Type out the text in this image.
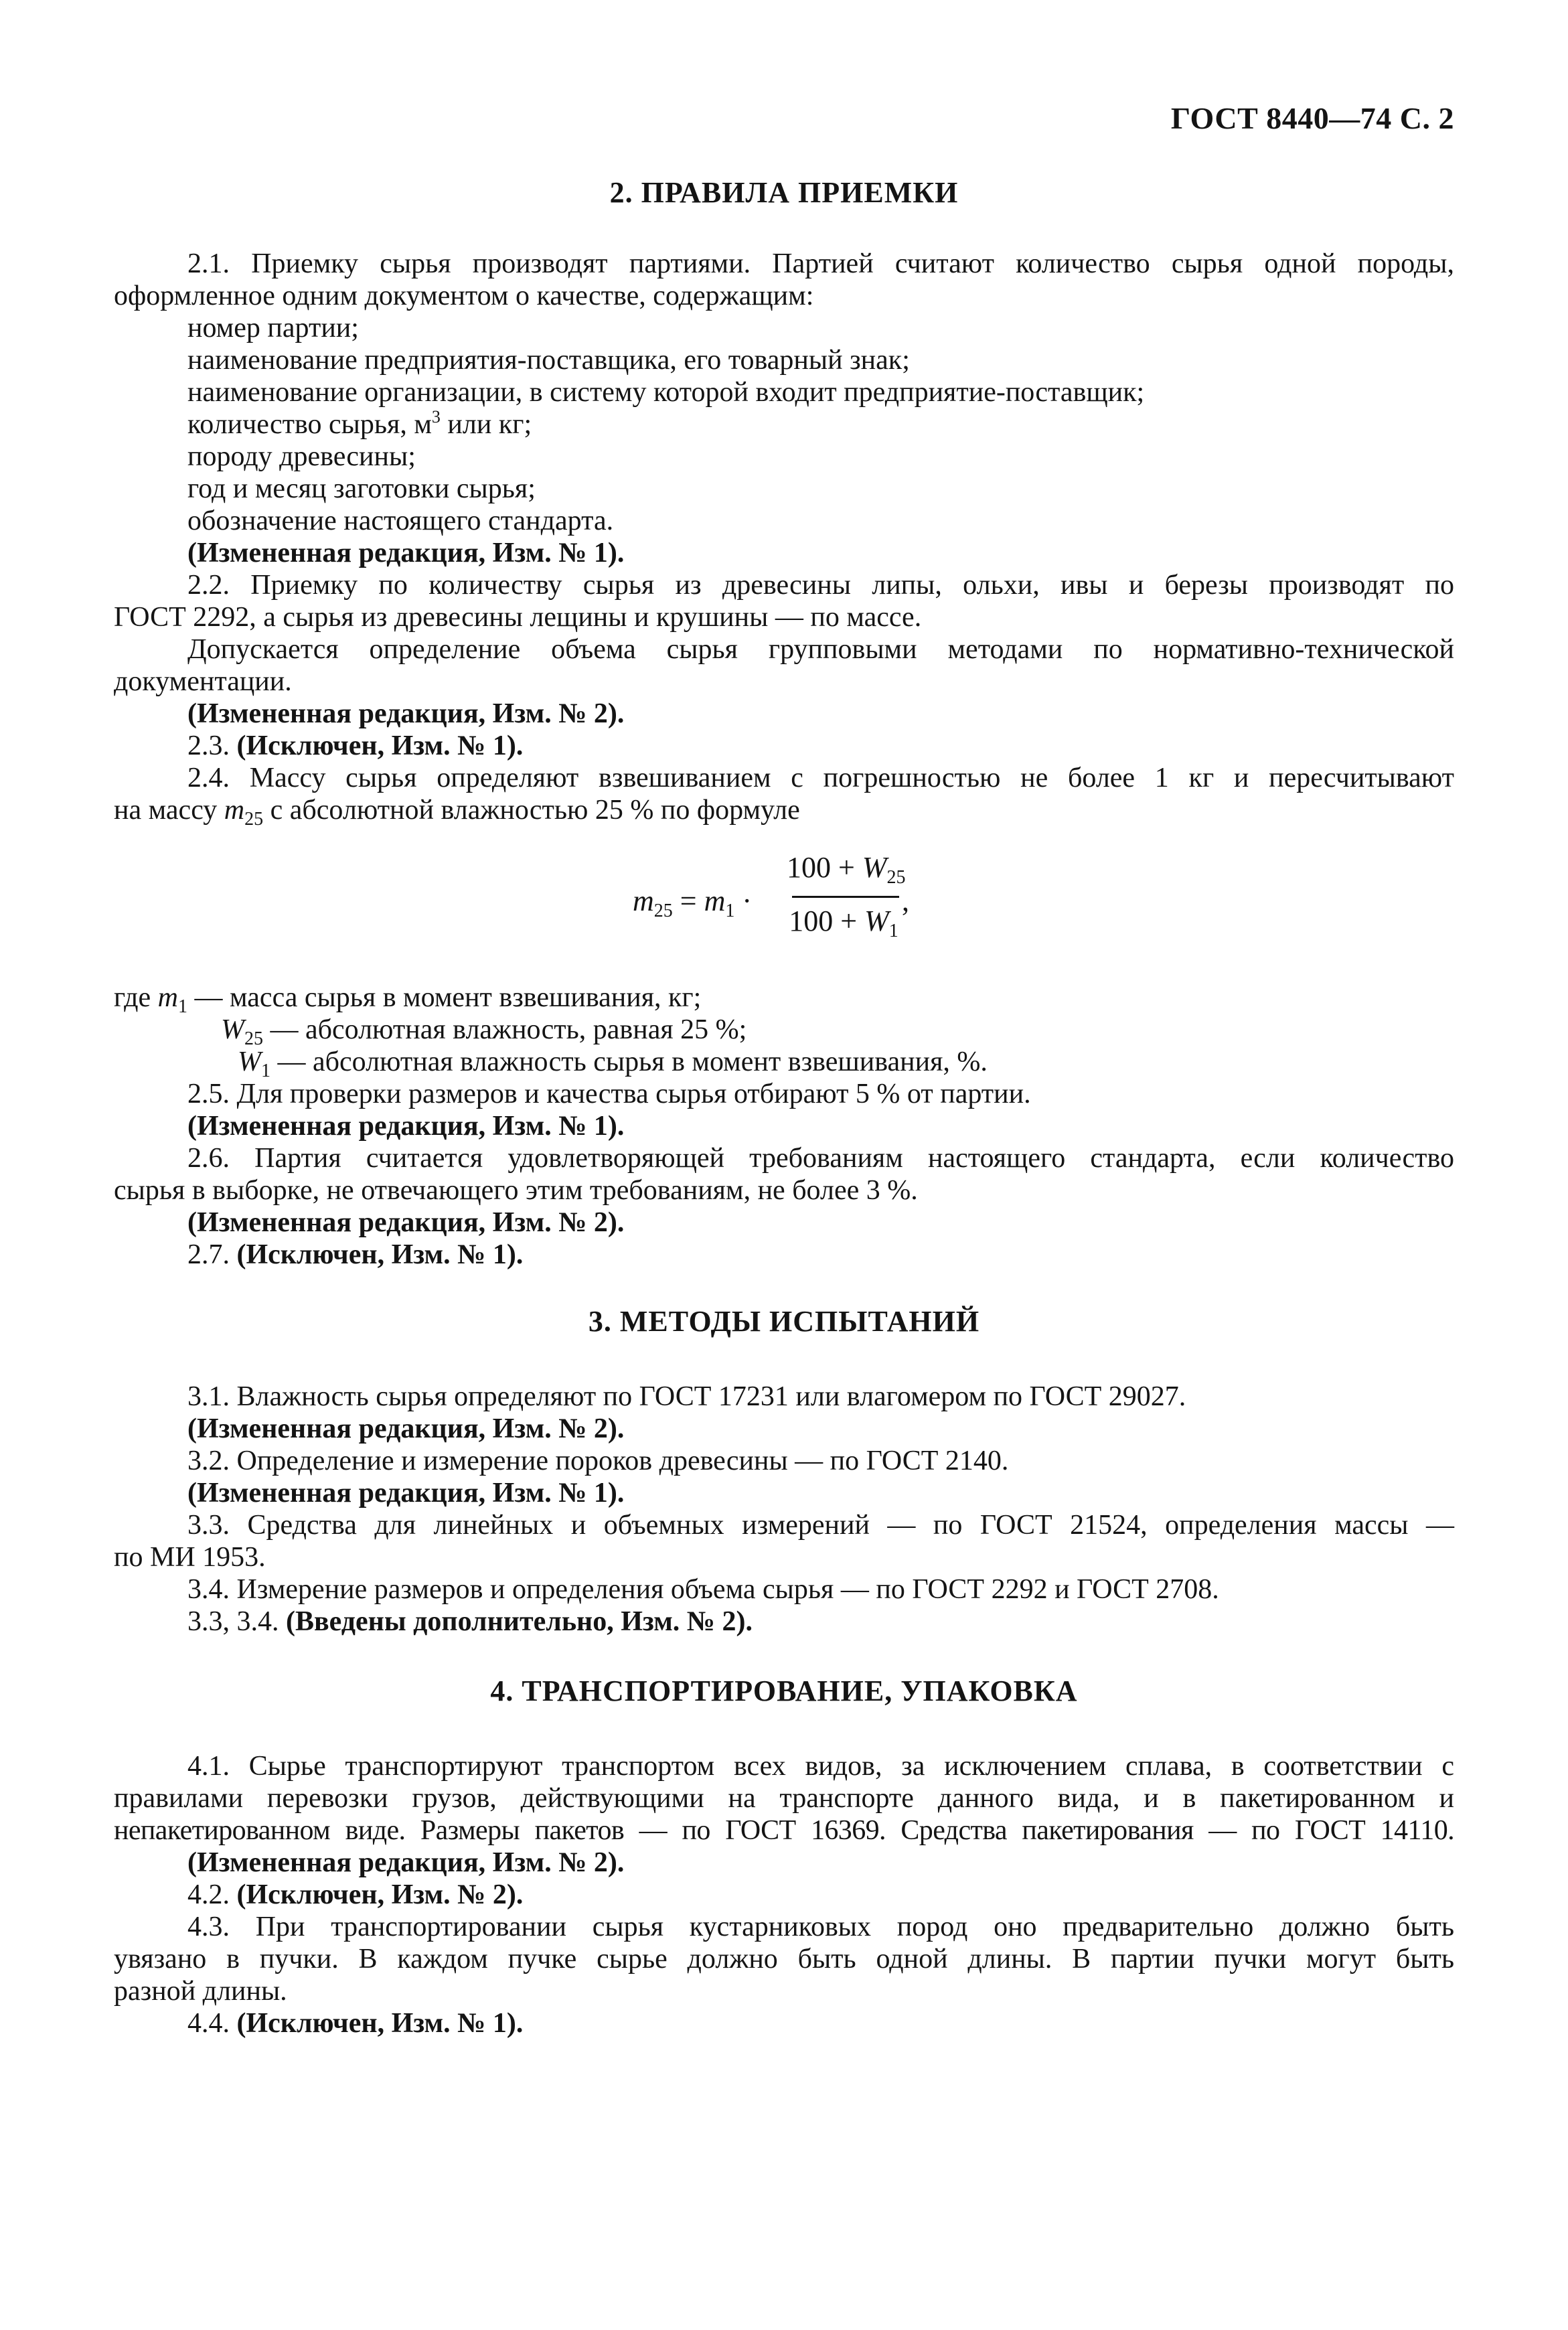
ГОСТ 8440—74 С. 2
2. ПРАВИЛА ПРИЕМКИ
2.1. Приемку сырья производят партиями. Партией считают количество сырья одной породы,
оформленное одним документом о качестве, содержащим:
номер партии;
наименование предприятия-поставщика, его товарный знак;
наименование организации, в систему которой входит предприятие-поставщик;
количество сырья, $м^3$ или кг;
породу древесины;
год и месяц заготовки сырья;
обозначение настоящего стандарта.
(Измененная редакция, Изм. № 1).
2.2. Приемку по количеству сырья из древесины липы, ольхи, ивы и березы производят по
ГОСТ 2292, а сырья из древесины лещины и крушины — по массе.
Допускается определение объема сырья групповыми методами по нормативно-технической
документации.
(Измененная редакция, Изм. № 2).
2.3. (Исключен, Изм. № 1).
2.4. Массу сырья определяют взвешиванием с погрешностью не более 1 кг и пересчитывают
на массу $m_{25}$ с абсолютной влажностью 25 % по формуле
$m_{25} = m_1$ ·
$100 + W_{25}$
$100 + W_1$
,
где $m_1$ — масса сырья в момент взвешивания, кг;
$W_{25}$ — абсолютная влажность, равная 25 %;
$W_1$ — абсолютная влажность сырья в момент взвешивания, %.
2.5. Для проверки размеров и качества сырья отбирают 5 % от партии.
(Измененная редакция, Изм. № 1).
2.6. Партия считается удовлетворяющей требованиям настоящего стандарта, если количество
сырья в выборке, не отвечающего этим требованиям, не более 3 %.
(Измененная редакция, Изм. № 2).
2.7. (Исключен, Изм. № 1).
3. МЕТОДЫ ИСПЫТАНИЙ
3.1. Влажность сырья определяют по ГОСТ 17231 или влагомером по ГОСТ 29027.
(Измененная редакция, Изм. № 2).
3.2. Определение и измерение пороков древесины — по ГОСТ 2140.
(Измененная редакция, Изм. № 1).
3.3. Средства для линейных и объемных измерений — по ГОСТ 21524, определения массы —
по МИ 1953.
3.4. Измерение размеров и определения объема сырья — по ГОСТ 2292 и ГОСТ 2708.
3.3, 3.4. (Введены дополнительно, Изм. № 2).
4. ТРАНСПОРТИРОВАНИЕ, УПАКОВКА
4.1. Сырье транспортируют транспортом всех видов, за исключением сплава, в соответствии с
правилами перевозки грузов, действующими на транспорте данного вида, и в пакетированном и
непакетированном виде. Размеры пакетов — по ГОСТ 16369. Средства пакетирования — по ГОСТ 14110.
(Измененная редакция, Изм. № 2).
4.2. (Исключен, Изм. № 2).
4.3. При транспортировании сырья кустарниковых пород оно предварительно должно быть
увязано в пучки. В каждом пучке сырье должно быть одной длины. В партии пучки могут быть
разной длины.
4.4. (Исключен, Изм. № 1).
